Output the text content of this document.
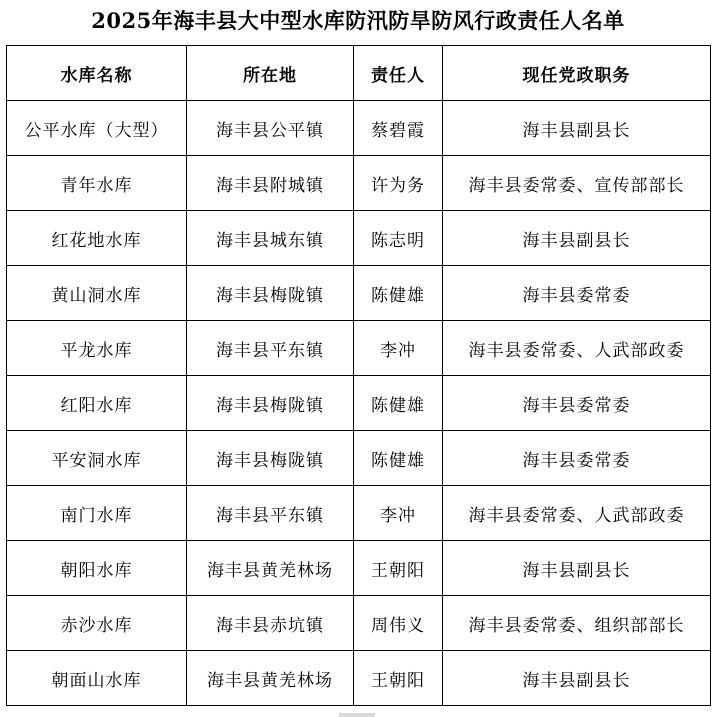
2025年海丰县大中型水库防汛防旱防风行政责任人名单
水库名称	所在地	责任人	现任党政职务
公平水库（大型）	海丰县公平镇	蔡碧霞	海丰县副县长
青年水库	海丰县附城镇	许为务	海丰县委常委、宣传部部长
红花地水库	海丰县城东镇	陈志明	海丰县副县长
黄山洞水库	海丰县梅陇镇	陈健雄	海丰县委常委
平龙水库	海丰县平东镇	李冲	海丰县委常委、人武部政委
红阳水库	海丰县梅陇镇	陈健雄	海丰县委常委
平安洞水库	海丰县梅陇镇	陈健雄	海丰县委常委
南门水库	海丰县平东镇	李冲	海丰县委常委、人武部政委
朝阳水库	海丰县黄羌林场	王朝阳	海丰县副县长
赤沙水库	海丰县赤坑镇	周伟义	海丰县委常委、组织部部长
朝面山水库	海丰县黄羌林场	王朝阳	海丰县副县长
